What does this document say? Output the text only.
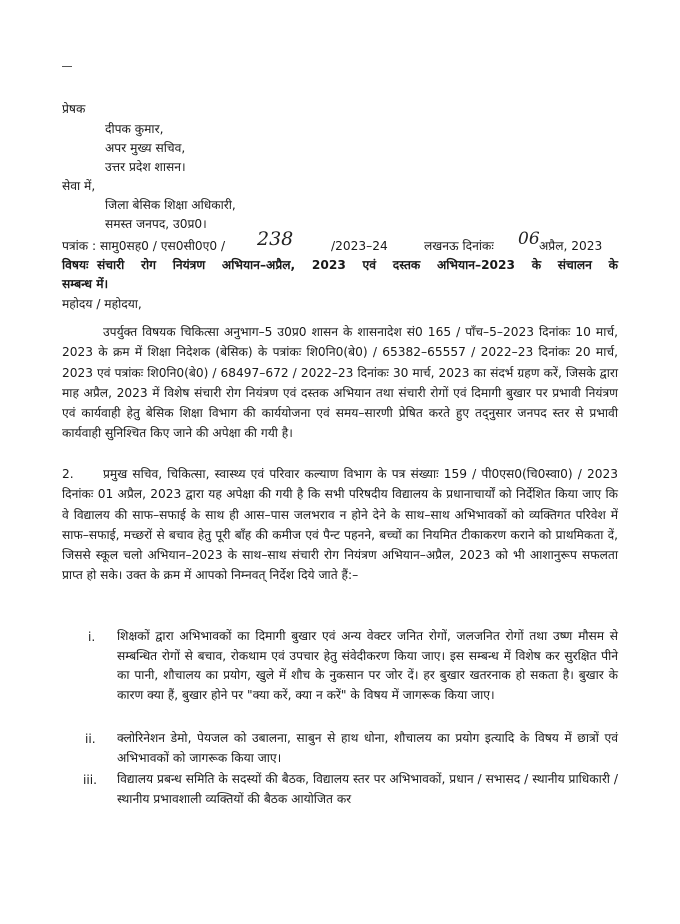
प्रेषक
दीपक कुमार,
अपर मुख्य सचिव,
उत्तर प्रदेश शासन।
सेवा में,
जिला बेसिक शिक्षा अधिकारी,
समस्त जनपद, उ0प्र0।
पत्रांक : सामु0सह0 / एस0सी0ए0 / 238	/2023–24	लखनऊ दिनांकः 06 अप्रैल, 2023
विषयः संचारी रोग नियंत्रण अभियान–अप्रैल, 2023 एवं दस्तक अभियान–2023 के संचालन के
सम्बन्ध में।
महोदय / महोदया,
उपर्युक्त विषयक चिकित्सा अनुभाग–5 उ0प्र0 शासन के शासनादेश सं0 165 / पाँच–5–2023 दिनांकः 10 मार्च, 2023 के क्रम में शिक्षा निदेशक (बेसिक) के पत्रांकः शि0नि0(बे0) / 65382–65557 / 2022–23 दिनांकः 20 मार्च, 2023 एवं पत्रांकः शि0नि0(बे0) / 68497–672 / 2022–23 दिनांकः 30 मार्च, 2023 का संदर्भ ग्रहण करें, जिसके द्वारा माह अप्रैल, 2023 में विशेष संचारी रोग नियंत्रण एवं दस्तक अभियान तथा संचारी रोगों एवं दिमागी बुखार पर प्रभावी नियंत्रण एवं कार्यवाही हेतु बेसिक शिक्षा विभाग की कार्ययोजना एवं समय–सारणी प्रेषित करते हुए तद्नुसार जनपद स्तर से प्रभावी कार्यवाही सुनिश्चित किए जाने की अपेक्षा की गयी है।
2.	प्रमुख सचिव, चिकित्सा, स्वास्थ्य एवं परिवार कल्याण विभाग के पत्र संख्याः 159 / पी0एस0(चि0स्वा0) / 2023 दिनांकः 01 अप्रैल, 2023 द्वारा यह अपेक्षा की गयी है कि सभी परिषदीय विद्यालय के प्रधानाचार्यों को निर्देशित किया जाए कि वे विद्यालय की साफ–सफाई के साथ ही आस–पास जलभराव न होने देने के साथ–साथ अभिभावकों को व्यक्तिगत परिवेश में साफ–सफाई, मच्छरों से बचाव हेतु पूरी बाँह की कमीज एवं पैन्ट पहनने, बच्चों का नियमित टीकाकरण कराने को प्राथमिकता दें, जिससे स्कूल चलो अभियान–2023 के साथ–साथ संचारी रोग नियंत्रण अभियान–अप्रैल, 2023 को भी आशानुरूप सफलता प्राप्त हो सके। उक्त के क्रम में आपको निम्नवत् निर्देश दिये जाते हैं:–
i. शिक्षकों द्वारा अभिभावकों का दिमागी बुखार एवं अन्य वेक्टर जनित रोगों, जलजनित रोगों तथा उष्ण मौसम से सम्बन्धित रोगों से बचाव, रोकथाम एवं उपचार हेतु संवेदीकरण किया जाए। इस सम्बन्ध में विशेष कर सुरक्षित पीने का पानी, शौचालय का प्रयोग, खुले में शौच के नुकसान पर जोर दें। हर बुखार खतरनाक हो सकता है। बुखार के कारण क्या हैं, बुखार होने पर "क्या करें, क्या न करें" के विषय में जागरूक किया जाए।
ii. क्लोरिनेशन डेमो, पेयजल को उबालना, साबुन से हाथ धोना, शौचालय का प्रयोग इत्यादि के विषय में छात्रों एवं अभिभावकों को जागरूक किया जाए।
iii. विद्यालय प्रबन्ध समिति के सदस्यों की बैठक, विद्यालय स्तर पर अभिभावकों, प्रधान / सभासद / स्थानीय प्राधिकारी / स्थानीय प्रभावशाली व्यक्तियों की बैठक आयोजित कर
